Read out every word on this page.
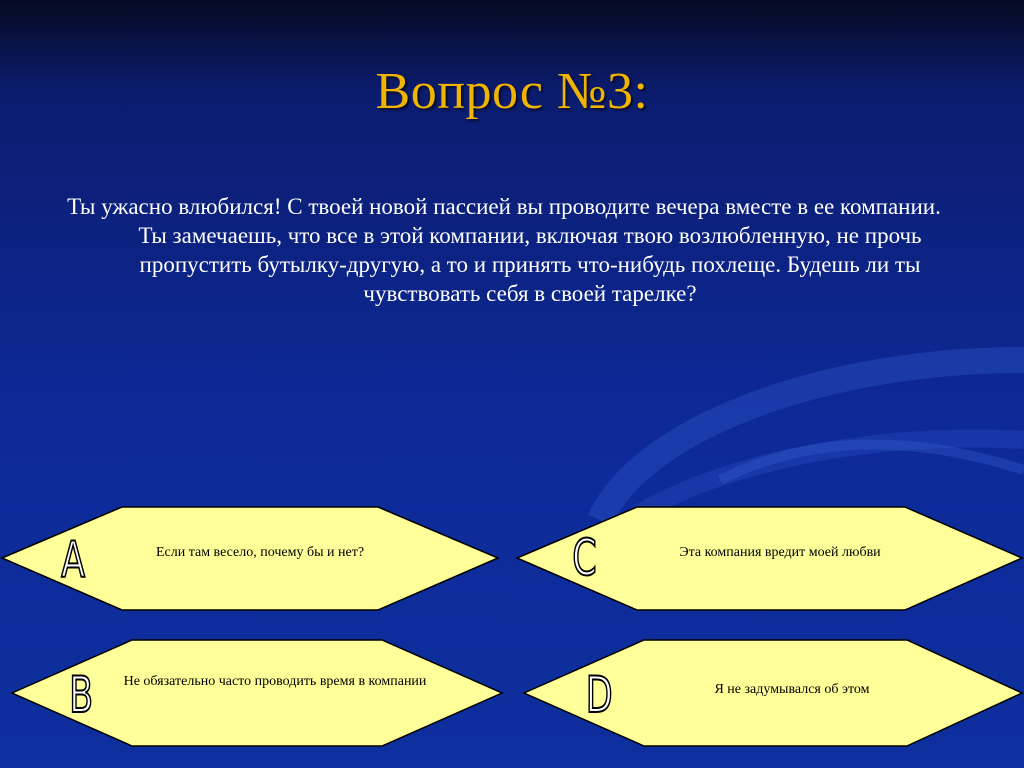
Вопрос №3:
Ты ужасно влюбился! С твоей новой пассией вы проводите вечера вместе в ее компании. Ты замечаешь, что все в этой компании, включая твою возлюбленную, не прочь пропустить бутылку-другую, а то и принять что-нибудь похлеще. Будешь ли ты чувствовать себя в своей тарелке?
A	Если там весело, почему бы и нет?	C	Эта компания вредит моей любви
B Не обязательно часто проводить время в компании	D	Я не задумывался об этом
